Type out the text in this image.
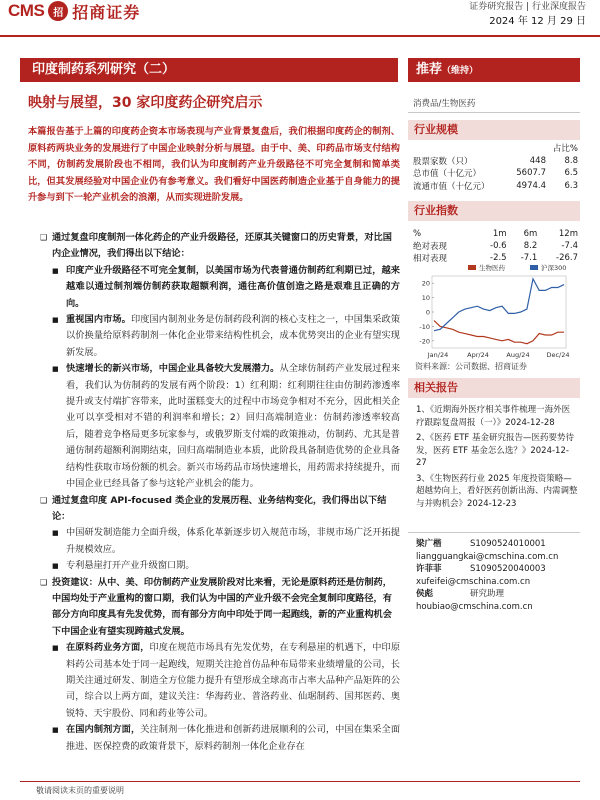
CMS 招 招商证券	证券研究报告 | 行业深度报告
2024 年 12 月 29 日
印度制药系列研究（二）
映射与展望，30 家印度药企研究启示
本篇报告基于上篇的印度药企资本市场表现与产业背景复盘后，我们根据印度药企的制剂、原料药两块业务的发展进行了中国企业映射分析与展望。由于中、美、印药品市场支付结构不同，仿制药发展阶段也不相同，我们认为印度制药产业升级路径不可完全复制和简单类比，但其发展经验对中国企业仍有参考意义。我们看好中国医药制造企业基于自身能力的提升参与到下一轮产业机会的浪潮，从而实现进阶发展。

❑ 通过复盘印度制剂一体化药企的产业升级路径，还原其关键窗口的历史背景，对比国内企业情况，我们得出以下结论：

■ 印度产业升级路径不可完全复制，以美国市场为代表普通仿制药红利期已过，越来越难以通过制剂端仿制药获取超额利润，通往高价值创造之路是艰难且正确的方向。

■ 重视国内市场。印度国内制剂业务是仿制药段利润的核心支柱之一，中国集采政策以价换量给原料药制剂一体化企业带来结构性机会，成本优势突出的企业有望实现新发展。

■ 快速增长的新兴市场，中国企业具备较大发展潜力。从全球仿制药产业发展过程来看，我们认为仿制药的发展有两个阶段：1）红利期：红利期往往由仿制药渗透率提升或支付端扩容带来，此时蛋糕变大的过程中市场竞争相对不充分，因此相关企业可以享受相对不错的利润率和增长；2）回归高端制造业：仿制药渗透率较高后，随着竞争格局更多玩家参与，或俄罗斯支付端的政策推动，仿制药、尤其是普通仿制药超额利润期结束，回归高端制造业本质，此阶段具备制造优势的企业具备结构性获取市场份额的机会。新兴市场药品市场快速增长，用药需求持续提升，而中国企业已经具备了参与这轮产业机会的能力。

❑ 通过复盘印度 API-focused 类企业的发展历程、业务结构变化，我们得出以下结论：

■ 中国研发制造能力全面升级，体系化革新逐步切入规范市场，非规市场广泛开拓提升规模效应。

■ 专利悬崖打开产业升级窗口期。

❑ 投资建议：从中、美、印仿制药产业发展阶段对比来看，无论是原料药还是仿制药，中国均处于产业重构的窗口期，我们认为中国的产业升级不会完全复制印度路径，有部分方向印度具有先发优势，而有部分方向中印处于同一起跑线，新的产业重构机会下中国企业有望实现跨越式发展。

■ 在原料药业务方面，印度在规范市场具有先发优势，在专利悬崖的机遇下，中印原料药公司基本处于同一起跑线，短期关注抢首仿品种布局带来业绩增量的公司，长期关注通过研发、制造全方位能力提升有望形成全球高市占率大品种产品矩阵的公司，综合以上两方面，建议关注：华海药业、普洛药业、仙琚制药、国邦医药、奥锐特、天宇股份、同和药业等公司。

■ 在国内制剂方面，关注制剂一体化推进和创新药进展顺利的公司，中国在集采全面推进、医保控费的政策背景下，原料药制剂一体化企业存在

推荐（维持）
消费品/生物医药
行业规模
		占比%
股票家数（只）	448	8.8
总市值（十亿元）	5607.7	6.5
流通市值（十亿元）	4974.4	6.3
行业指数
%	1m	6m	12m
绝对表现	-0.6	8.2	-7.4
相对表现	-2.5	-7.1	-26.7
-20
-10
0
10
20
Jan/24	Apr/24	Aug/24	Dec/24
生物医药	沪深300
资料来源：公司数据、招商证券
相关报告

1、《近期海外医疗相关事件梳理一海外医疗跟踪复盘周报（一）》2024-12-28

2、《医药 ETF 基金研究报告—医药要势待发，医药 ETF 基金怎么选？》2024-12-27

3、《生物医药行业 2025 年度投资策略—超越势向上，看好医药创新出海、内需调整与并购机会》2024-12-23

梁广楷	S1090524010001
liangguangkai@cmschina.com.cn
许菲菲	S1090520040003
xufeifei@cmschina.com.cn
侯彪	研究助理
houbiao@cmschina.com.cn
敬请阅读末页的重要说明
